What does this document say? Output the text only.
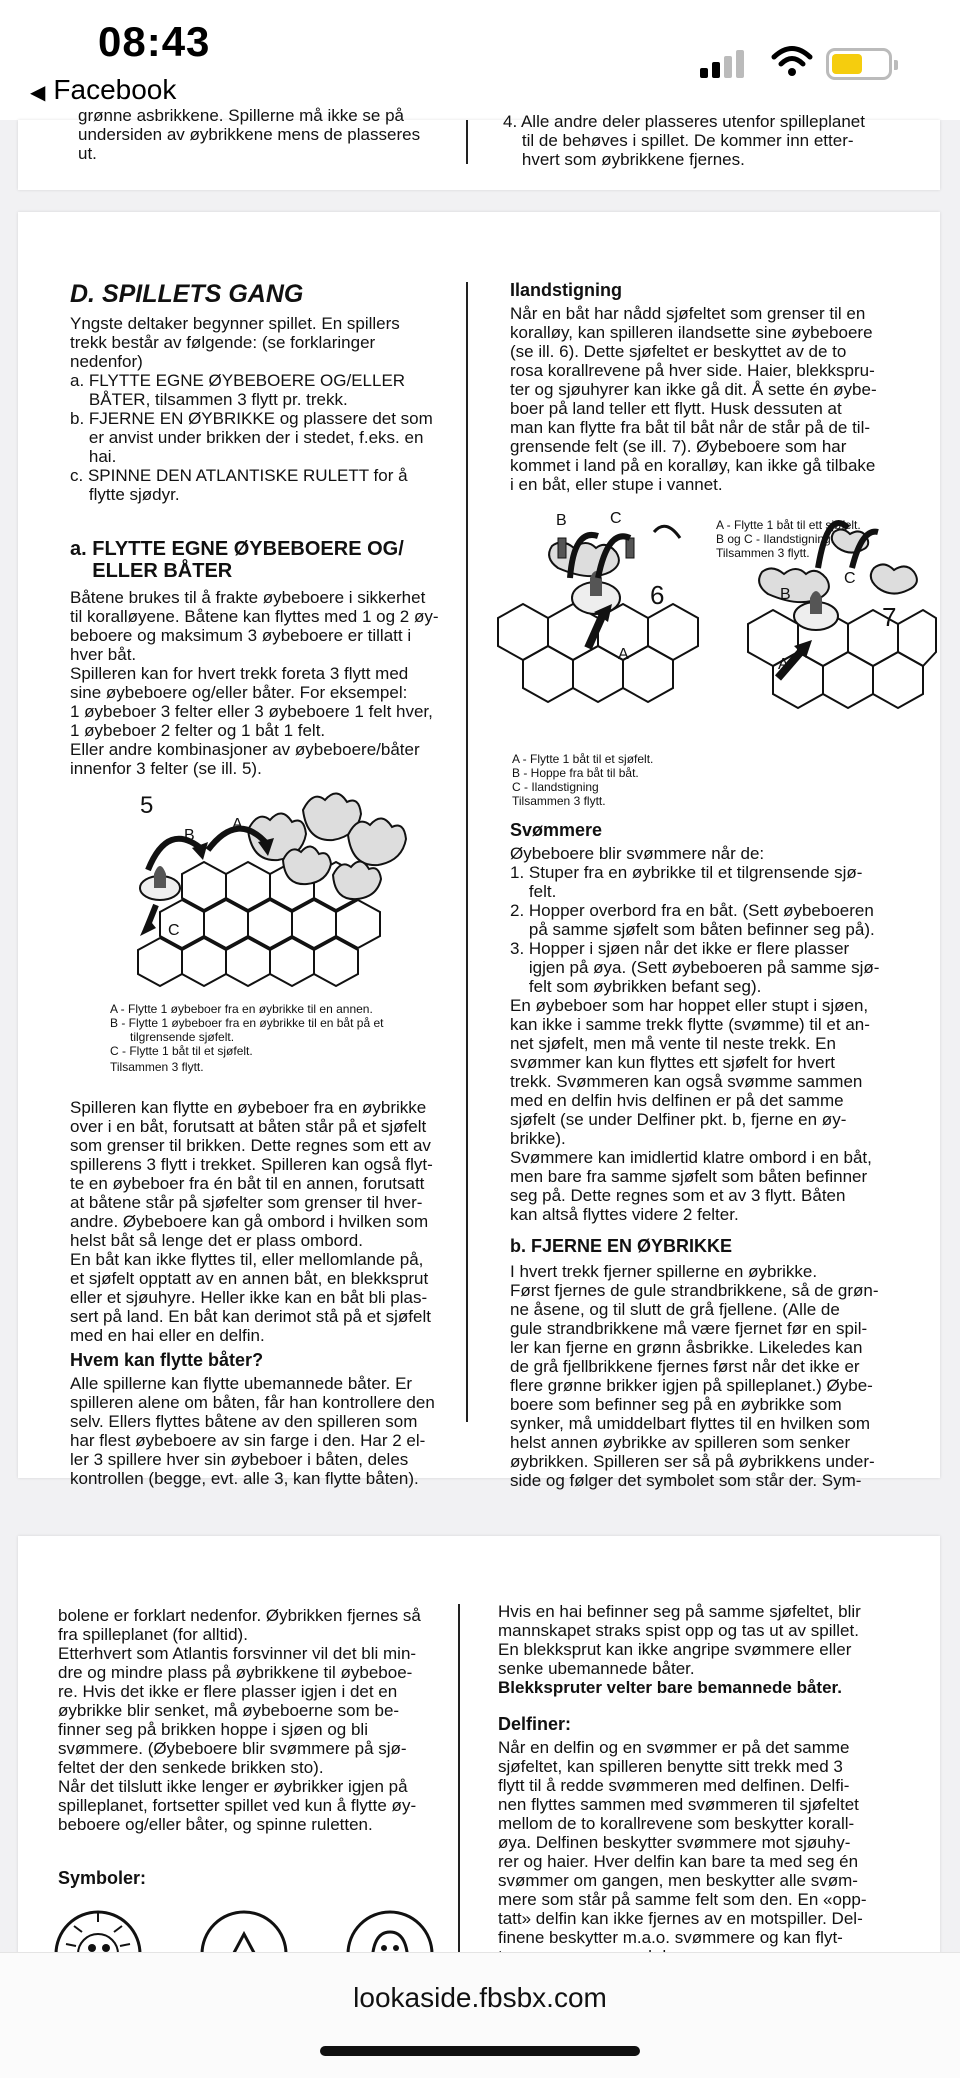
08:43
◀ Facebook
grønne asbrikkene. Spillerne må ikke se på
undersiden av øybrikkene mens de plasseres
ut.
4. Alle andre deler plasseres utenfor spilleplanet
til de behøves i spillet. De kommer inn etter-
hvert som øybrikkene fjernes.
D. SPILLETS GANG
Yngste deltaker begynner spillet. En spillers
trekk består av følgende: (se forklaringer
nedenfor)
a. FLYTTE EGNE ØYBEBOERE OG/ELLER
BÅTER, tilsammen 3 flytt pr. trekk.
b. FJERNE EN ØYBRIKKE og plassere det som
er anvist under brikken der i stedet, f.eks. en
hai.
c. SPINNE DEN ATLANTISKE RULETT for å
flytte sjødyr.
a. FLYTTE EGNE ØYBEBOERE OG/
ELLER BÅTER
Båtene brukes til å frakte øybeboere i sikkerhet
til koralløyene. Båtene kan flyttes med 1 og 2 øy-
beboere og maksimum 3 øybeboere er tillatt i
hver båt.
Spilleren kan for hvert trekk foreta 3 flytt med
sine øybeboere og/eller båter. For eksempel:
1 øybeboer 3 felter eller 3 øybeboere 1 felt hver,
1 øybeboer 2 felter og 1 båt 1 felt.
Eller andre kombinasjoner av øybeboere/båter
innenfor 3 felter (se ill. 5).
5
B
A
C
A - Flytte 1 øybeboer fra en øybrikke til en annen.
B - Flytte 1 øybeboer fra en øybrikke til en båt på et
tilgrensende sjøfelt.
C - Flytte 1 båt til et sjøfelt.
Tilsammen 3 flytt.
Spilleren kan flytte en øybeboer fra en øybrikke
over i en båt, forutsatt at båten står på et sjøfelt
som grenser til brikken. Dette regnes som ett av
spillerens 3 flytt i trekket. Spilleren kan også flyt-
te en øybeboer fra én båt til en annen, forutsatt
at båtene står på sjøfelter som grenser til hver-
andre. Øybeboere kan gå ombord i hvilken som
helst båt så lenge det er plass ombord.
En båt kan ikke flyttes til, eller mellomlande på,
et sjøfelt opptatt av en annen båt, en blekksprut
eller et sjøuhyre. Heller ikke kan en båt bli plas-
sert på land. En båt kan derimot stå på et sjøfelt
med en hai eller en delfin.
Hvem kan flytte båter?
Alle spillerne kan flytte ubemannede båter. Er
spilleren alene om båten, får han kontrollere den
selv. Ellers flyttes båtene av den spilleren som
har flest øybeboere av sin farge i den. Har 2 el-
ler 3 spillere hver sin øybeboer i båten, deles
kontrollen (begge, evt. alle 3, kan flytte båten).
Ilandstigning
Når en båt har nådd sjøfeltet som grenser til en
koralløy, kan spilleren ilandsette sine øybeboere
(se ill. 6). Dette sjøfeltet er beskyttet av de to
rosa korallrevene på hver side. Haier, blekkspru-
ter og sjøuhyrer kan ikke gå dit. Å sette én øybe-
boer på land teller ett flytt. Husk dessuten at
man kan flytte fra båt til båt når de står på de til-
grensende felt (se ill. 7). Øybeboere som har
kommet i land på en koralløy, kan ikke gå tilbake
i en båt, eller stupe i vannet.
B	C
A
6	B
C
A
7
A - Flytte 1 båt til ett sjøfelt.
B og C - Ilandstigning.
Tilsammen 3 flytt.
A - Flytte 1 båt til et sjøfelt.
B - Hoppe fra båt til båt.
C - Ilandstigning
Tilsammen 3 flytt.
Svømmere
Øybeboere blir svømmere når de:
1. Stuper fra en øybrikke til et tilgrensende sjø-
felt.
2. Hopper overbord fra en båt. (Sett øybeboeren
på samme sjøfelt som båten befinner seg på).
3. Hopper i sjøen når det ikke er flere plasser
igjen på øya. (Sett øybeboeren på samme sjø-
felt som øybrikken befant seg).
En øybeboer som har hoppet eller stupt i sjøen,
kan ikke i samme trekk flytte (svømme) til et an-
net sjøfelt, men må vente til neste trekk. En
svømmer kan kun flyttes ett sjøfelt for hvert
trekk. Svømmeren kan også svømme sammen
med en delfin hvis delfinen er på det samme
sjøfelt (se under Delfiner pkt. b, fjerne en øy-
brikke).
Svømmere kan imidlertid klatre ombord i en båt,
men bare fra samme sjøfelt som båten befinner
seg på. Dette regnes som et av 3 flytt. Båten
kan altså flyttes videre 2 felter.
b. FJERNE EN ØYBRIKKE
I hvert trekk fjerner spillerne en øybrikke.
Først fjernes de gule strandbrikkene, så de grøn-
ne åsene, og til slutt de grå fjellene. (Alle de
gule strandbrikkene må være fjernet før en spil-
ler kan fjerne en grønn åsbrikke. Likeledes kan
de grå fjellbrikkene fjernes først når det ikke er
flere grønne brikker igjen på spilleplanet.) Øybe-
boere som befinner seg på en øybrikke som
synker, må umiddelbart flyttes til en hvilken som
helst annen øybrikke av spilleren som senker
øybrikken. Spilleren ser så på øybrikkens under-
side og følger det symbolet som står der. Sym-
bolene er forklart nedenfor. Øybrikken fjernes så
fra spilleplanet (for alltid).
Etterhvert som Atlantis forsvinner vil det bli min-
dre og mindre plass på øybrikkene til øybeboe-
re. Hvis det ikke er flere plasser igjen i det en
øybrikke blir senket, må øybeboerne som be-
finner seg på brikken hoppe i sjøen og bli
svømmere. (Øybeboere blir svømmere på sjø-
feltet der den senkede brikken sto).
Når det tilslutt ikke lenger er øybrikker igjen på
spilleplanet, fortsetter spillet ved kun å flytte øy-
beboere og/eller båter, og spinne ruletten.
Symboler:
Hvis en hai befinner seg på samme sjøfeltet, blir
mannskapet straks spist opp og tas ut av spillet.
En blekksprut kan ikke angripe svømmere eller
senke ubemannede båter.
Blekkspruter velter bare bemannede båter.
Delfiner:
Når en delfin og en svømmer er på det samme
sjøfeltet, kan spilleren benytte sitt trekk med 3
flytt til å redde svømmeren med delfinen. Delfi-
nen flyttes sammen med svømmeren til sjøfeltet
mellom de to korallrevene som beskytter korall-
øya. Delfinen beskytter svømmere mot sjøuhy-
rer og haier. Hver delfin kan bare ta med seg én
svømmer om gangen, men beskytter alle svøm-
mere som står på samme felt som den. En «opp-
tatt» delfin kan ikke fjernes av en motspiller. Del-
finene beskytter m.a.o. svømmere og kan flyt-

lookaside.fbsbx.com
